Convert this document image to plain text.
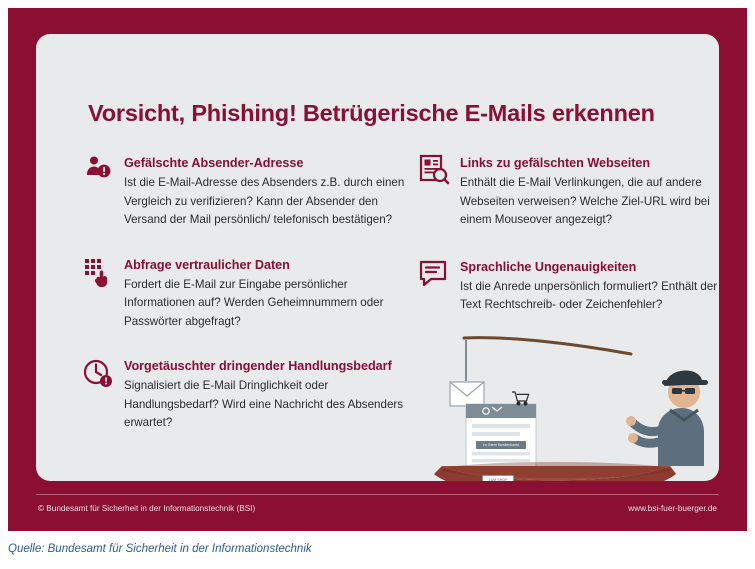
Vorsicht, Phishing! Betrügerische E-Mails erkennen
Gefälschte Absender-Adresse
Ist die E-Mail-Adresse des Absenders z.B. durch einen Vergleich zu verifizieren? Kann der Absender den Versand der Mail persönlich/ telefonisch bestätigen?
Abfrage vertraulicher Daten
Fordert die E-Mail zur Eingabe persönlicher Informationen auf? Werden Geheimnummern oder Passwörter abgefragt?
Vorgetäuschter dringender Handlungsbedarf
Signalisiert die E-Mail Dringlichkeit oder Handlungsbedarf? Wird eine Nachricht des Absenders erwartet?
Links zu gefälschten Webseiten
Enthält die E-Mail Verlinkungen, die auf andere Webseiten verweisen? Welche Ziel-URL wird bei einem Mouseover angezeigt?
Sprachliche Ungenauigkeiten
Ist die Anrede unpersönlich formuliert? Enthält der Text Rechtschreib- oder Zeichenfehler?
zu Ihrem Kundenkonto
ZUM SHOP
© Bundesamt für Sicherheit in der Informationstechnik (BSI)	www.bsi-fuer-buerger.de
Quelle: Bundesamt für Sicherheit in der Informationstechnik
